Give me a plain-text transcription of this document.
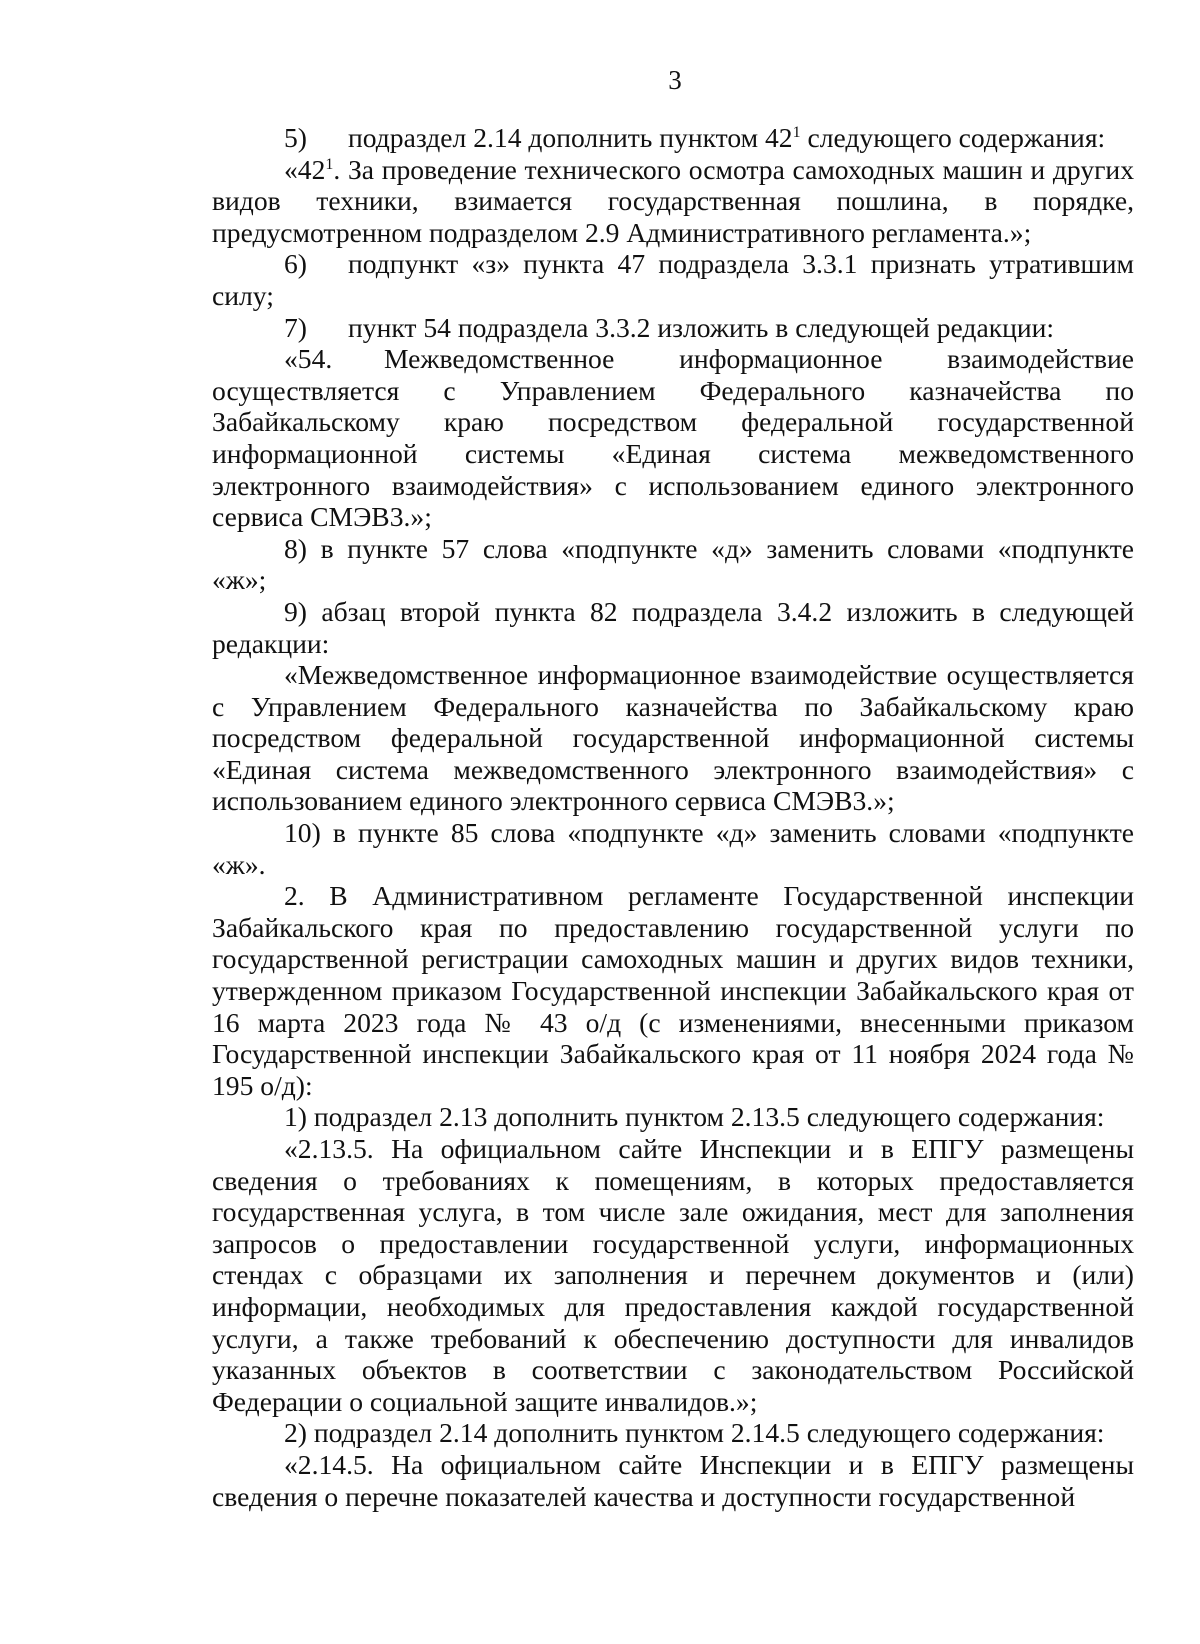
3

5) подраздел 2.14 дополнить пунктом $42^1$ следующего содержания:

«$42^1$. За проведение технического осмотра самоходных машин и других видов техники, взимается государственная пошлина, в порядке, предусмотренном подразделом 2.9 Административного регламента.»;

6) подпункт «з» пункта 47 подраздела 3.3.1 признать утратившим силу;

7) пункт 54 подраздела 3.3.2 изложить в следующей редакции:

«54. Межведомственное информационное взаимодействие осуществляется с Управлением Федерального казначейства по Забайкальскому краю посредством федеральной государственной информационной системы «Единая система межведомственного электронного взаимодействия» с использованием единого электронного сервиса СМЭВ3.»;

8) в пункте 57 слова «подпункте «д» заменить словами «подпункте «ж»;

9) абзац второй пункта 82 подраздела 3.4.2 изложить в следующей редакции:

«Межведомственное информационное взаимодействие осуществляется с Управлением Федерального казначейства по Забайкальскому краю посредством федеральной государственной информационной системы «Единая система межведомственного электронного взаимодействия» с использованием единого электронного сервиса СМЭВ3.»;

10) в пункте 85 слова «подпункте «д» заменить словами «подпункте «ж».

2. В Административном регламенте Государственной инспекции Забайкальского края по предоставлению государственной услуги по государственной регистрации самоходных машин и других видов техники, утвержденном приказом Государственной инспекции Забайкальского края от 16 марта 2023 года № 43 о/д (с изменениями, внесенными приказом Государственной инспекции Забайкальского края от 11 ноября 2024 года № 195 о/д):

1) подраздел 2.13 дополнить пунктом 2.13.5 следующего содержания:

«2.13.5. На официальном сайте Инспекции и в ЕПГУ размещены сведения о требованиях к помещениям, в которых предоставляется государственная услуга, в том числе зале ожидания, мест для заполнения запросов о предоставлении государственной услуги, информационных стендах с образцами их заполнения и перечнем документов и (или) информации, необходимых для предоставления каждой государственной услуги, а также требований к обеспечению доступности для инвалидов указанных объектов в соответствии с законодательством Российской Федерации о социальной защите инвалидов.»;

2) подраздел 2.14 дополнить пунктом 2.14.5 следующего содержания:

«2.14.5. На официальном сайте Инспекции и в ЕПГУ размещены сведения о перечне показателей качества и доступности государственной
